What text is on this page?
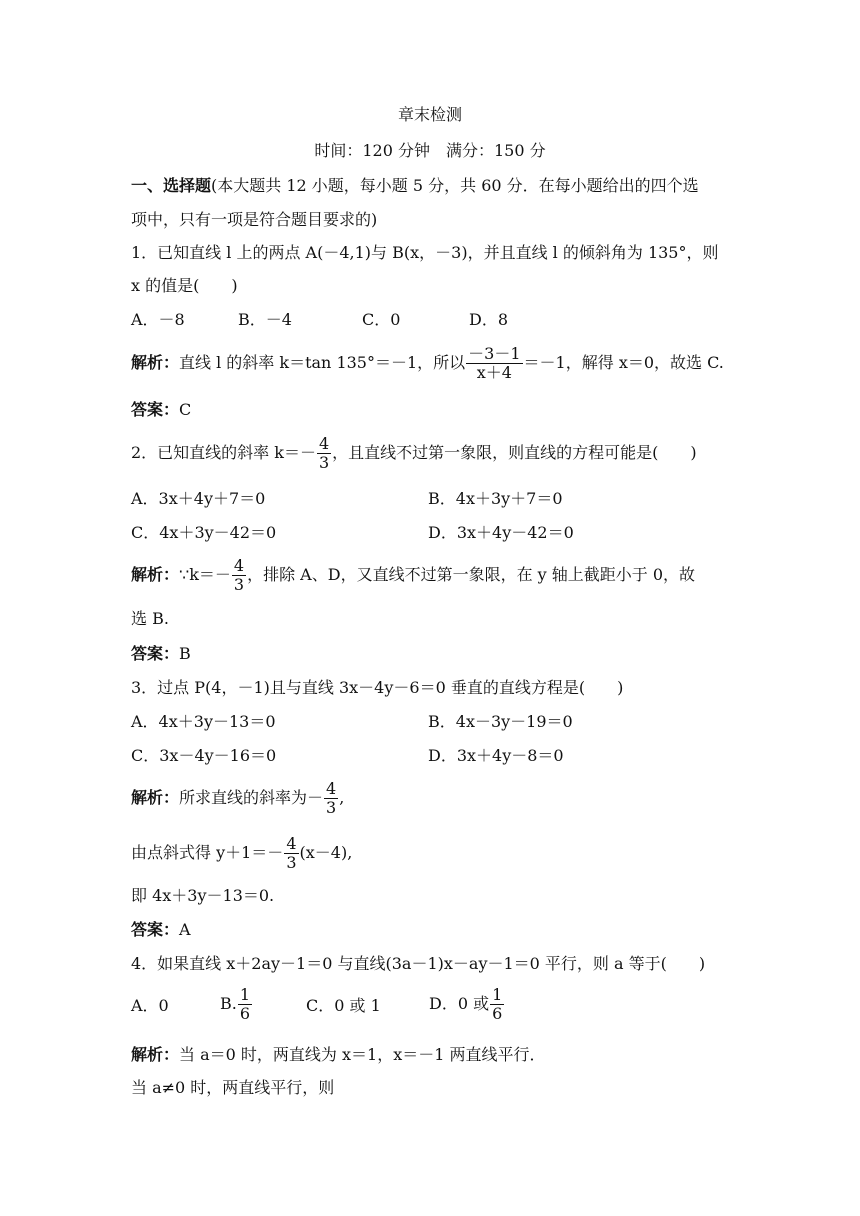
章末检测
时间：120 分钟　满分：150 分
一、选择题(本大题共 12 小题，每小题 5 分，共 60 分．在每小题给出的四个选
项中，只有一项是符合题目要求的)
1．已知直线 l 上的两点 A(－4,1)与 B(x，－3)，并且直线 l 的倾斜角为 135°，则
x 的值是(　　)
A．－8	B．－4	C．0	D．8
解析：直线 l 的斜率 k＝tan 135°＝－1，所以 $\frac{-3-1}{x+4} =-1$，解得 x＝0，故选 C.
答案：C
2．已知直线的斜率 $k=- \frac{4}{3}$ ，且直线不过第一象限，则直线的方程可能是(　　)
A．3x＋4y＋7＝0	B．4x＋3y＋7＝0
C．4x＋3y－42＝0	D．3x＋4y－42＝0
解析：∵k＝－ $\frac{4}{3}$ ，排除 A、D，又直线不过第一象限，在 y 轴上截距小于 0，故
选 B.
答案：B
3．过点 P(4，－1)且与直线 3x－4y－6＝0 垂直的直线方程是(　　)
A．4x＋3y－13＝0	B．4x－3y－19＝0
C．3x－4y－16＝0	D．3x＋4y－8＝0
解析：所求直线的斜率为－ $\frac{4}{3}$ ,
由点斜式得 $y+1=- \frac{4}{3} (x-4)$,
即 4x＋3y－13＝0.
答案：A
4．如果直线 x＋2ay－1＝0 与直线(3a－1)x－ay－1＝0 平行，则 a 等于(　　)
A．0	B. $\frac{1}{6}$	C．0 或 1	D．0 或 $\frac{1}{6}$
解析：当 a＝0 时，两直线为 x＝1，x＝－1 两直线平行．
当 a≠0 时，两直线平行，则
